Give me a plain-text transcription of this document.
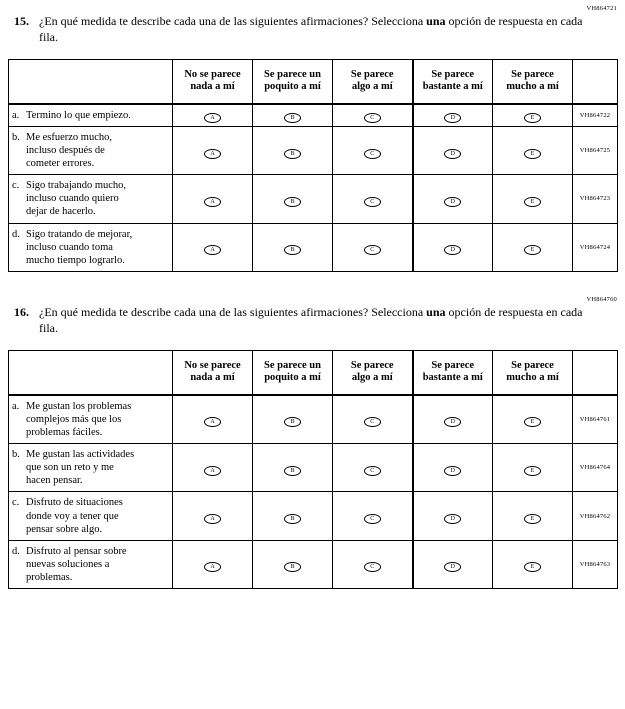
VH864721
15. ¿En qué medida te describe cada una de las siguientes afirmaciones? Selecciona una opción de respuesta en cada fila.
	No se parece nada a mí	Se parece un poquito a mí	Se parece algo a mí	Se parece bastante a mí	Se parece mucho a mí	

a. Termino lo que empiezo.	A	B	C	D	E	VH864722

b. Me esfuerzo mucho, incluso después de cometer errores.	A	B	C	D	E	VH864725

c. Sigo trabajando mucho, incluso cuando quiero dejar de hacerlo.	A	B	C	D	E	VH864723

d. Sigo tratando de mejorar, incluso cuando toma mucho tiempo lograrlo.	A	B	C	D	E	VH864724
VH864760
16. ¿En qué medida te describe cada una de las siguientes afirmaciones? Selecciona una opción de respuesta en cada fila.
	No se parece nada a mí	Se parece un poquito a mí	Se parece algo a mí	Se parece bastante a mí	Se parece mucho a mí	

a. Me gustan los problemas complejos más que los problemas fáciles.	A	B	C	D	E	VH864761

b. Me gustan las actividades que son un reto y me hacen pensar.	A	B	C	D	E	VH864764

c. Disfruto de situaciones donde voy a tener que pensar sobre algo.	A	B	C	D	E	VH864762

d. Disfruto al pensar sobre nuevas soluciones a problemas.	A	B	C	D	E	VH864763
